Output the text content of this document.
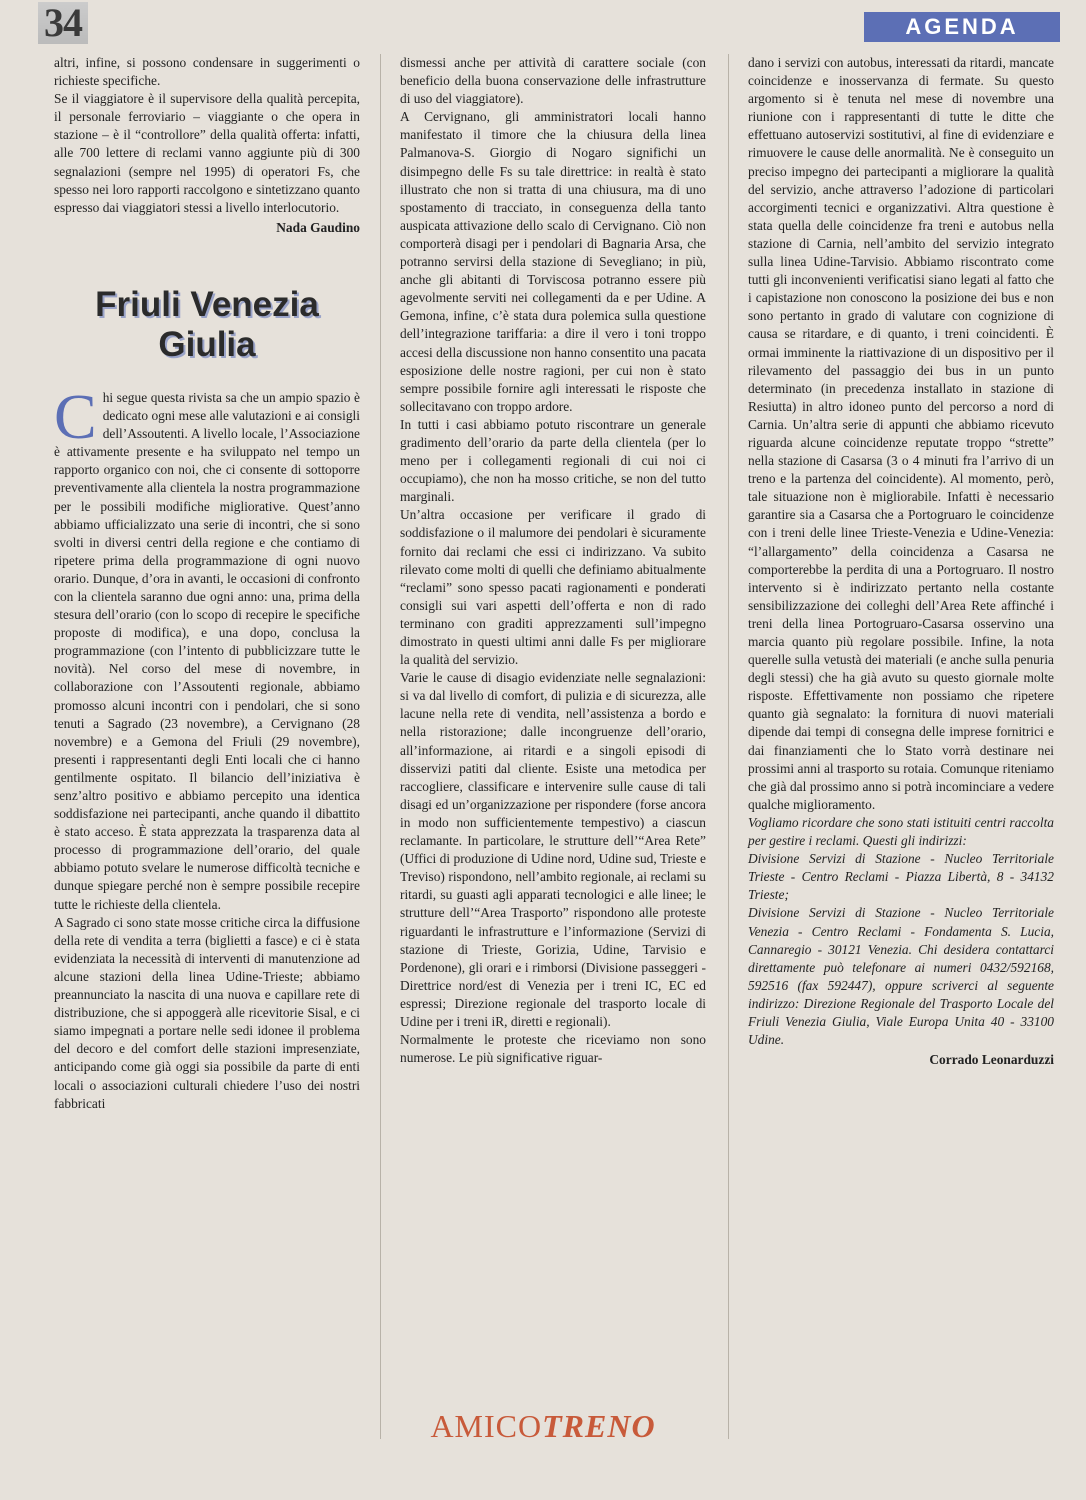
34	AGENDA

altri, infine, si possono condensare in suggerimenti o richieste specifiche.

Se il viaggiatore è il supervisore della qualità percepita, il personale ferroviario – viaggiante o che opera in stazione – è il “controllore” della qualità offerta: infatti, alle 700 lettere di reclami vanno aggiunte più di 300 segnalazioni (sempre nel 1995) di operatori Fs, che spesso nei loro rapporti raccolgono e sintetizzano quanto espresso dai viaggiatori stessi a livello interlocutorio.

Nada Gaudino
Friuli Venezia
Giulia

Chi segue questa rivista sa che un ampio spazio è dedicato ogni mese alle valutazioni e ai consigli dell’Assoutenti. A livello locale, l’Associazione è attivamente presente e ha sviluppato nel tempo un rapporto organico con noi, che ci consente di sottoporre preventivamente alla clientela la nostra programmazione per le possibili modifiche migliorative. Quest’anno abbiamo ufficializzato una serie di incontri, che si sono svolti in diversi centri della regione e che contiamo di ripetere prima della programmazione di ogni nuovo orario. Dunque, d’ora in avanti, le occasioni di confronto con la clientela saranno due ogni anno: una, prima della stesura dell’orario (con lo scopo di recepire le specifiche proposte di modifica), e una dopo, conclusa la programmazione (con l’intento di pubblicizzare tutte le novità). Nel corso del mese di novembre, in collaborazione con l’Assoutenti regionale, abbiamo promosso alcuni incontri con i pendolari, che si sono tenuti a Sagrado (23 novembre), a Cervignano (28 novembre) e a Gemona del Friuli (29 novembre), presenti i rappresentanti degli Enti locali che ci hanno gentilmente ospitato. Il bilancio dell’iniziativa è senz’altro positivo e abbiamo percepito una identica soddisfazione nei partecipanti, anche quando il dibattito è stato acceso. È stata apprezzata la trasparenza data al processo di programmazione dell’orario, del quale abbiamo potuto svelare le numerose difficoltà tecniche e dunque spiegare perché non è sempre possibile recepire tutte le richieste della clientela.

A Sagrado ci sono state mosse critiche circa la diffusione della rete di vendita a terra (biglietti a fasce) e ci è stata evidenziata la necessità di interventi di manutenzione ad alcune stazioni della linea Udine-Trieste; abbiamo preannunciato la nascita di una nuova e capillare rete di distribuzione, che si appoggerà alle ricevitorie Sisal, e ci siamo impegnati a portare nelle sedi idonee il problema del decoro e del comfort delle stazioni impresenziate, anticipando come già oggi sia possibile da parte di enti locali o associazioni culturali chiedere l’uso dei nostri fabbricati

dismessi anche per attività di carattere sociale (con beneficio della buona conservazione delle infrastrutture di uso del viaggiatore).

A Cervignano, gli amministratori locali hanno manifestato il timore che la chiusura della linea Palmanova-S. Giorgio di Nogaro significhi un disimpegno delle Fs su tale direttrice: in realtà è stato illustrato che non si tratta di una chiusura, ma di uno spostamento di tracciato, in conseguenza della tanto auspicata attivazione dello scalo di Cervignano. Ciò non comporterà disagi per i pendolari di Bagnaria Arsa, che potranno servirsi della stazione di Sevegliano; in più, anche gli abitanti di Torviscosa potranno essere più agevolmente serviti nei collegamenti da e per Udine. A Gemona, infine, c’è stata dura polemica sulla questione dell’integrazione tariffaria: a dire il vero i toni troppo accesi della discussione non hanno consentito una pacata esposizione delle nostre ragioni, per cui non è stato sempre possibile fornire agli interessati le risposte che sollecitavano con troppo ardore.

In tutti i casi abbiamo potuto riscontrare un generale gradimento dell’orario da parte della clientela (per lo meno per i collegamenti regionali di cui noi ci occupiamo), che non ha mosso critiche, se non del tutto marginali.

Un’altra occasione per verificare il grado di soddisfazione o il malumore dei pendolari è sicuramente fornito dai reclami che essi ci indirizzano. Va subito rilevato come molti di quelli che definiamo abitualmente “reclami” sono spesso pacati ragionamenti e ponderati consigli sui vari aspetti dell’offerta e non di rado terminano con graditi apprezzamenti sull’impegno dimostrato in questi ultimi anni dalle Fs per migliorare la qualità del servizio.

Varie le cause di disagio evidenziate nelle segnalazioni: si va dal livello di comfort, di pulizia e di sicurezza, alle lacune nella rete di vendita, nell’assistenza a bordo e nella ristorazione; dalle incongruenze dell’orario, all’informazione, ai ritardi e a singoli episodi di disservizi patiti dal cliente. Esiste una metodica per raccogliere, classificare e intervenire sulle cause di tali disagi ed un’organizzazione per rispondere (forse ancora in modo non sufficientemente tempestivo) a ciascun reclamante. In particolare, le strutture dell’“Area Rete” (Uffici di produzione di Udine nord, Udine sud, Trieste e Treviso) rispondono, nell’ambito regionale, ai reclami su ritardi, su guasti agli apparati tecnologici e alle linee; le strutture dell’“Area Trasporto” rispondono alle proteste riguardanti le infrastrutture e l’informazione (Servizi di stazione di Trieste, Gorizia, Udine, Tarvisio e Pordenone), gli orari e i rimborsi (Divisione passeggeri - Direttrice nord/est di Venezia per i treni IC, EC ed espressi; Direzione regionale del trasporto locale di Udine per i treni iR, diretti e regionali).

Normalmente le proteste che riceviamo non sono numerose. Le più significative riguar-

dano i servizi con autobus, interessati da ritardi, mancate coincidenze e inosservanza di fermate. Su questo argomento si è tenuta nel mese di novembre una riunione con i rappresentanti di tutte le ditte che effettuano autoservizi sostitutivi, al fine di evidenziare e rimuovere le cause delle anormalità. Ne è conseguito un preciso impegno dei partecipanti a migliorare la qualità del servizio, anche attraverso l’adozione di particolari accorgimenti tecnici e organizzativi. Altra questione è stata quella delle coincidenze fra treni e autobus nella stazione di Carnia, nell’ambito del servizio integrato sulla linea Udine-Tarvisio. Abbiamo riscontrato come tutti gli inconvenienti verificatisi siano legati al fatto che i capistazione non conoscono la posizione dei bus e non sono pertanto in grado di valutare con cognizione di causa se ritardare, e di quanto, i treni coincidenti. È ormai imminente la riattivazione di un dispositivo per il rilevamento del passaggio dei bus in un punto determinato (in precedenza installato in stazione di Resiutta) in altro idoneo punto del percorso a nord di Carnia. Un’altra serie di appunti che abbiamo ricevuto riguarda alcune coincidenze reputate troppo “strette” nella stazione di Casarsa (3 o 4 minuti fra l’arrivo di un treno e la partenza del coincidente). Al momento, però, tale situazione non è migliorabile. Infatti è necessario garantire sia a Casarsa che a Portogruaro le coincidenze con i treni delle linee Trieste-Venezia e Udine-Venezia: “l’allargamento” della coincidenza a Casarsa ne comporterebbe la perdita di una a Portogruaro. Il nostro intervento si è indirizzato pertanto nella costante sensibilizzazione dei colleghi dell’Area Rete affinché i treni della linea Portogruaro-Casarsa osservino una marcia quanto più regolare possibile. Infine, la nota querelle sulla vetustà dei materiali (e anche sulla penuria degli stessi) che ha già avuto su questo giornale molte risposte. Effettivamente non possiamo che ripetere quanto già segnalato: la fornitura di nuovi materiali dipende dai tempi di consegna delle imprese fornitrici e dai finanziamenti che lo Stato vorrà destinare nei prossimi anni al trasporto su rotaia. Comunque riteniamo che già dal prossimo anno si potrà incominciare a vedere qualche miglioramento.

Vogliamo ricordare che sono stati istituiti centri raccolta per gestire i reclami. Questi gli indirizzi:

Divisione Servizi di Stazione - Nucleo Territoriale Trieste - Centro Reclami - Piazza Libertà, 8 - 34132 Trieste;

Divisione Servizi di Stazione - Nucleo Territoriale Venezia - Centro Reclami - Fondamenta S. Lucia, Cannaregio - 30121 Venezia. Chi desidera contattarci direttamente può telefonare ai numeri 0432/592168, 592516 (fax 592447), oppure scriverci al seguente indirizzo: Direzione Regionale del Trasporto Locale del Friuli Venezia Giulia, Viale Europa Unita 40 - 33100 Udine.

Corrado Leonarduzzi
AMICOTRENO
